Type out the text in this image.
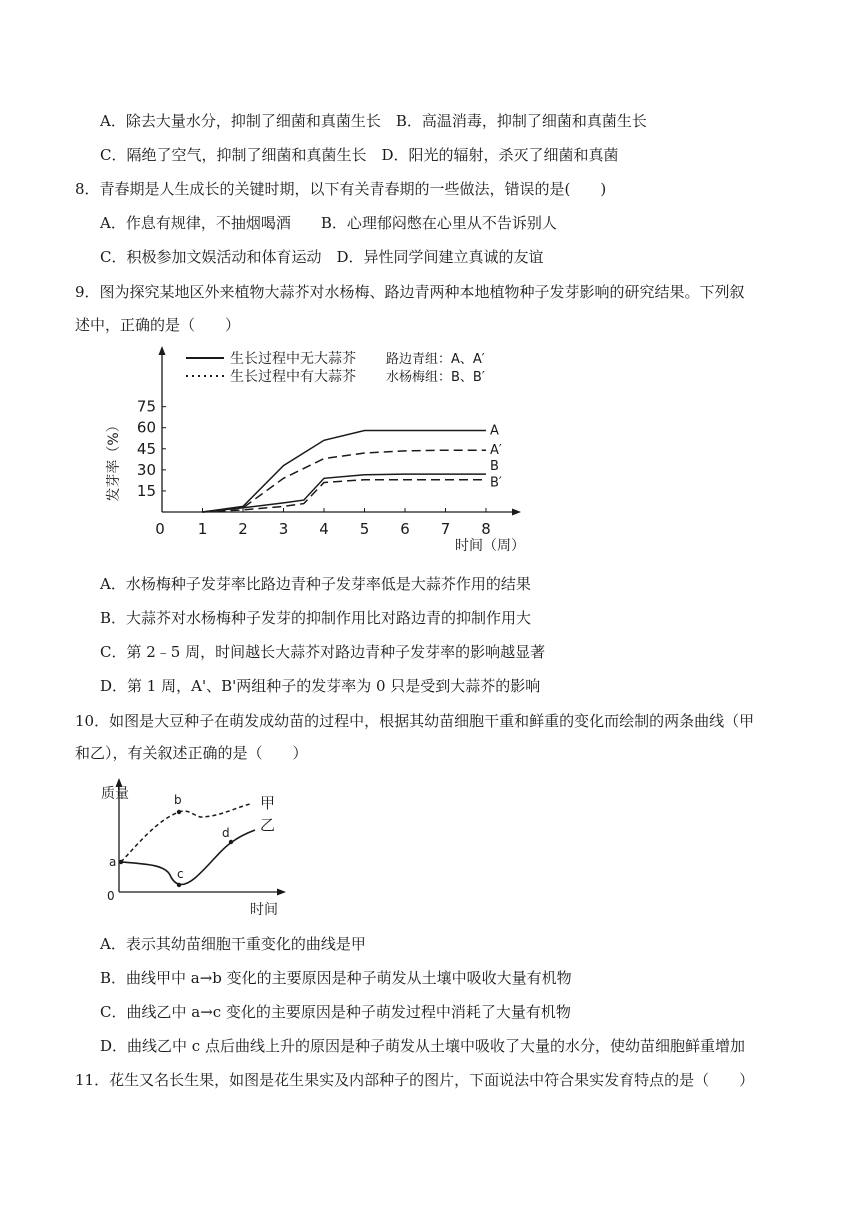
A．除去大量水分，抑制了细菌和真菌生长　B．高温消毒，抑制了细菌和真菌生长
C．隔绝了空气，抑制了细菌和真菌生长　D．阳光的辐射，杀灭了细菌和真菌
8．青春期是人生成长的关键时期，以下有关青春期的一些做法，错误的是(　　)
A．作息有规律，不抽烟喝酒　　B．心理郁闷憋在心里从不告诉别人
C．积极参加文娱活动和体育运动　D．异性同学间建立真诚的友谊
9．图为探究某地区外来植物大蒜芥对水杨梅、路边青两种本地植物种子发芽影响的研究结果。下列叙
述中，正确的是（　　）
生长过程中无大蒜芥
生长过程中有大蒜芥
路边青组：A、A′
水杨梅组：B、B′
0 1 2 3 4 5 6 7 8
15
30
45
60
75
A
A′
B
B′
发芽率（%）
时间（周）
A．水杨梅种子发芽率比路边青种子发芽率低是大蒜芥作用的结果
B．大蒜芥对水杨梅种子发芽的抑制作用比对路边青的抑制作用大
C．第 2﹣5 周，时间越长大蒜芥对路边青种子发芽率的影响越显著
D．第 1 周，A'、B'两组种子的发芽率为 0 只是受到大蒜芥的影响
10．如图是大豆种子在萌发成幼苗的过程中，根据其幼苗细胞干重和鲜重的变化而绘制的两条曲线（甲
和乙），有关叙述正确的是（　　）
质量
时间
0
a
b
c
d
甲
乙
A．表示其幼苗细胞干重变化的曲线是甲
B．曲线甲中 a→b 变化的主要原因是种子萌发从土壤中吸收大量有机物
C．曲线乙中 a→c 变化的主要原因是种子萌发过程中消耗了大量有机物
D．曲线乙中 c 点后曲线上升的原因是种子萌发从土壤中吸收了大量的水分，使幼苗细胞鲜重增加
11．花生又名长生果，如图是花生果实及内部种子的图片，下面说法中符合果实发育特点的是（　　）
